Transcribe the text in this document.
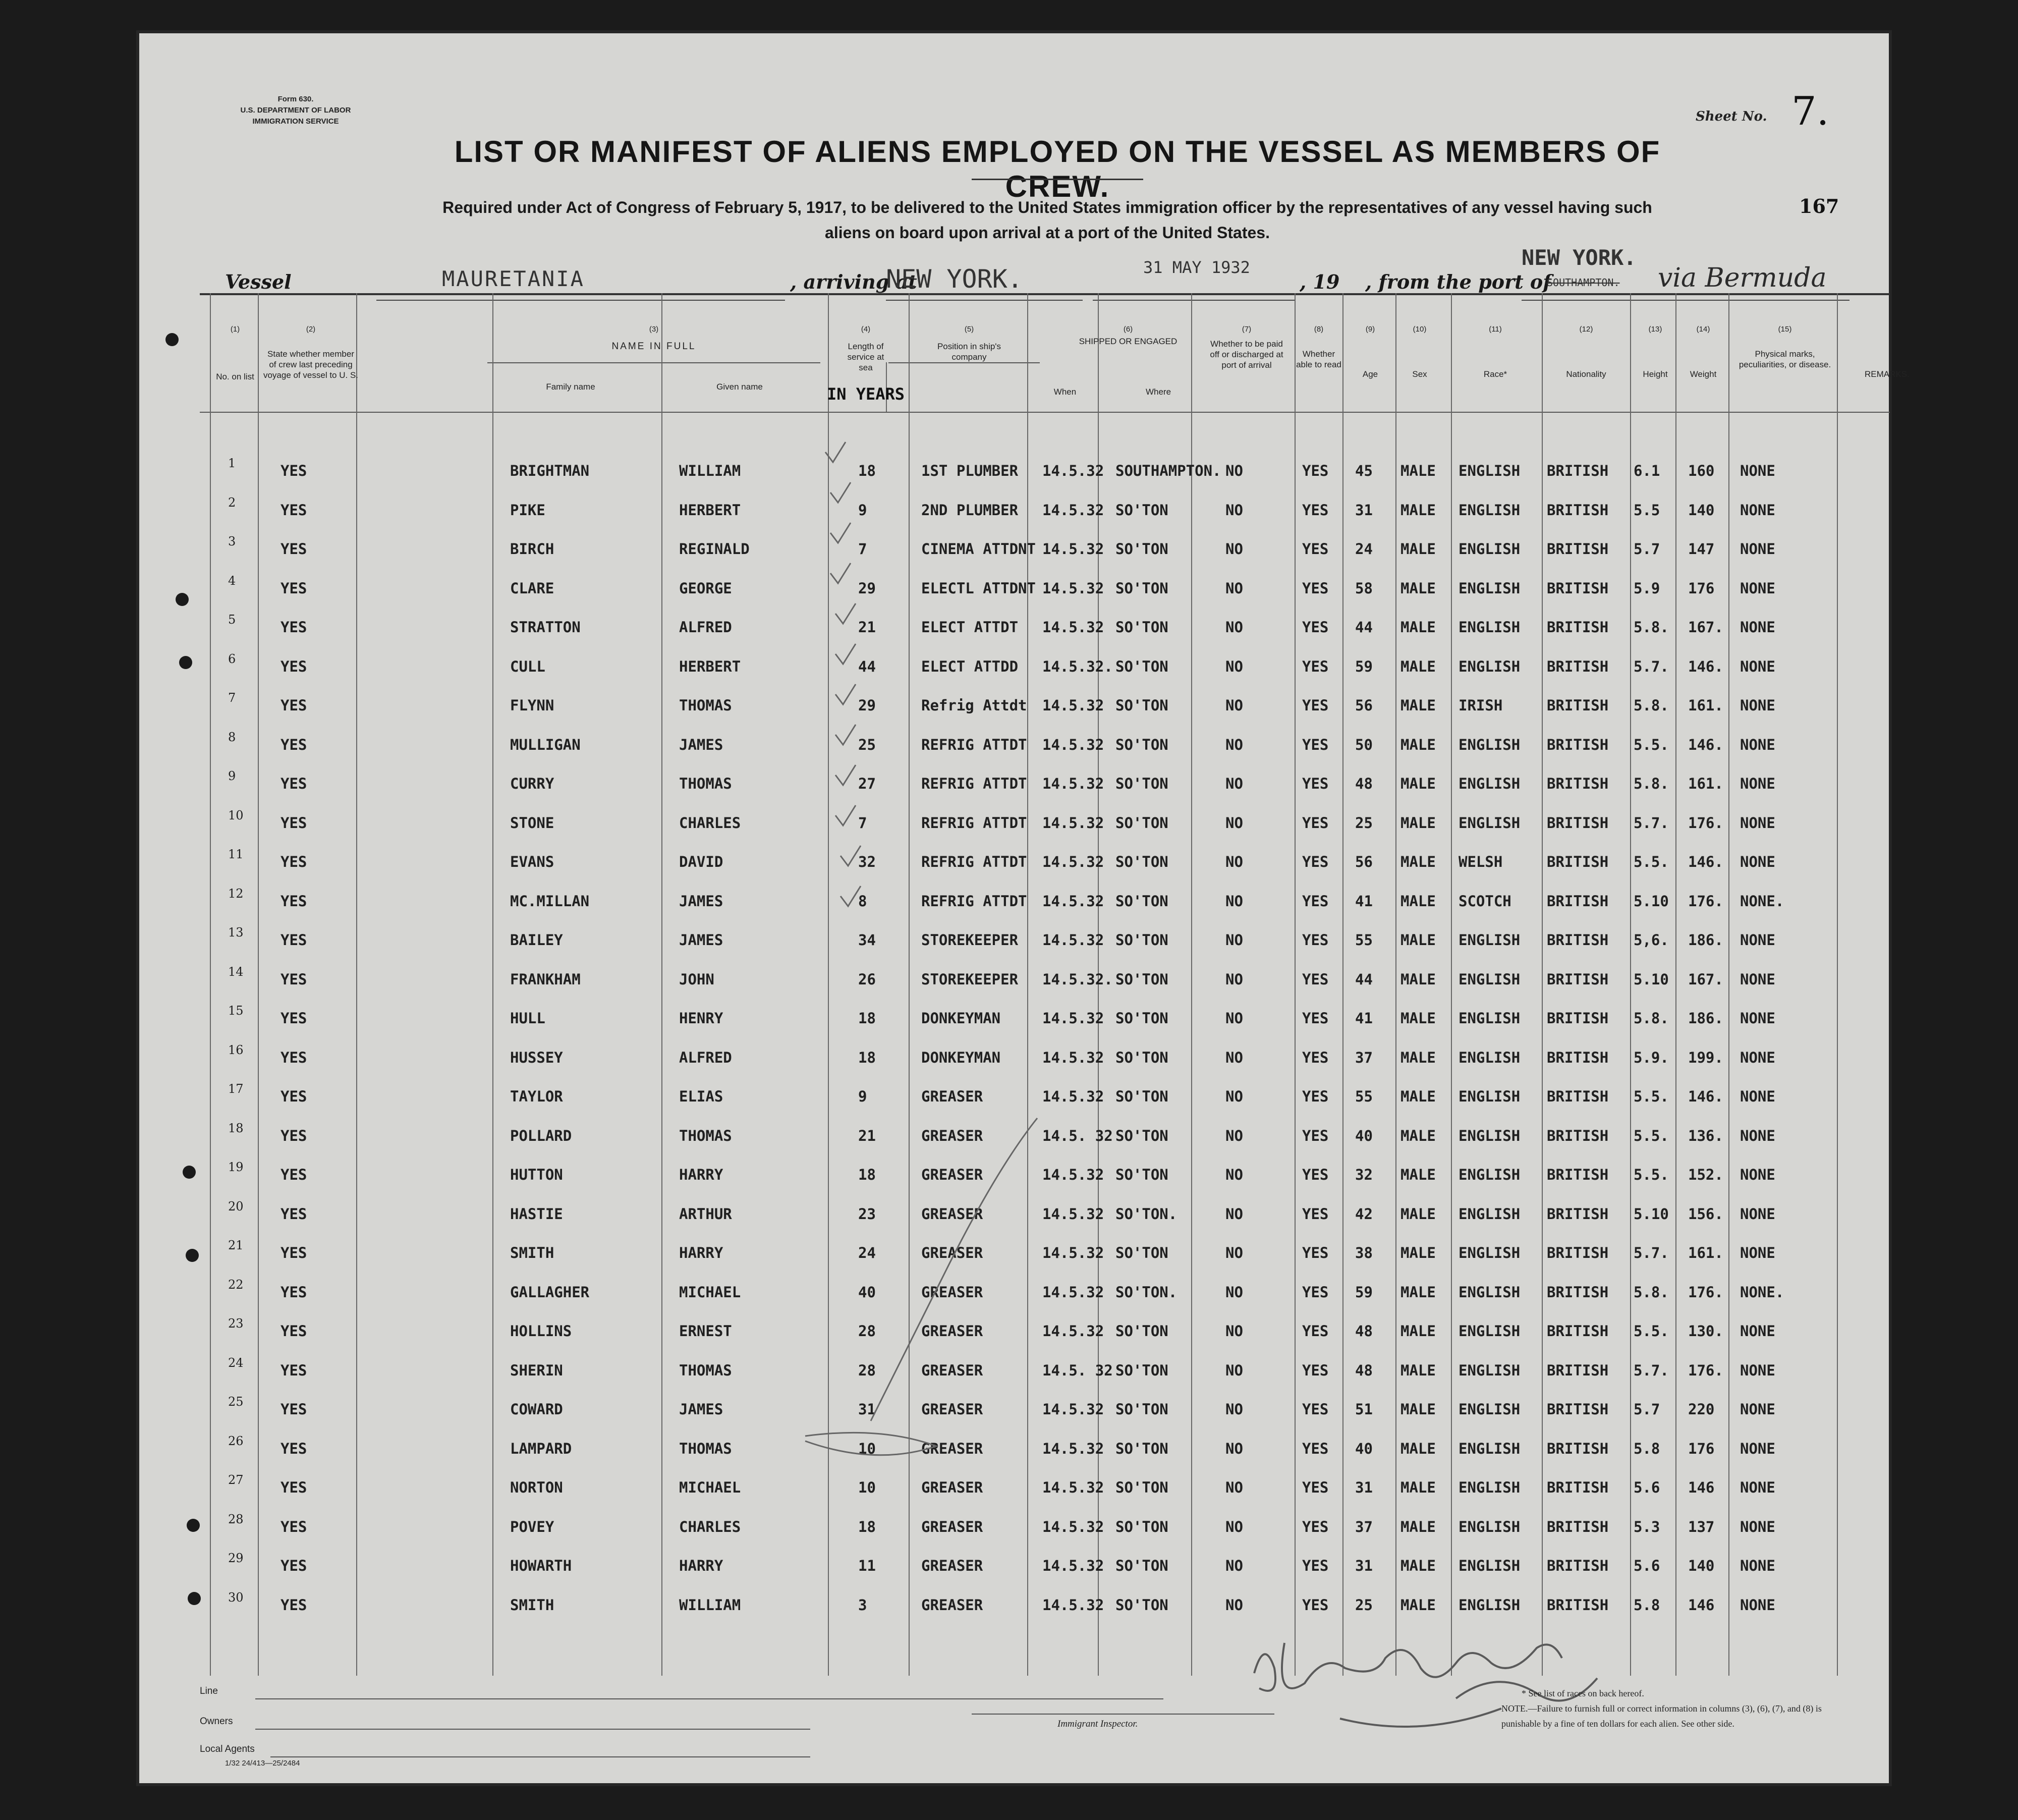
Form 630.
U.S. DEPARTMENT OF LABOR
IMMIGRATION SERVICE	Sheet No. 7.
167
LIST OR MANIFEST OF ALIENS EMPLOYED ON THE VESSEL AS MEMBERS OF CREW.
Required under Act of Congress of February 5, 1917, to be delivered to the United States immigration officer by the representatives of any vessel having such
aliens on board upon arrival at a port of the United States.
Vessel	MAURETANIA	, arriving at
NEW YORK.	31 MAY 1932
, 19 , from the port of
NEW YORK.
SOUTHAMPTON. via Bermuda
(1)	(2)	(3)	(4)	(5)	(6)	(7)	(8)	(9)	(10)	(11)	(12)	(13)	(14)	(15)
No. on list
State whether member of crew last preceding voyage of vessel to U. S.
NAME IN FULL
Family name	Given name
Length of service at sea
IN YEARS
Position in ship's company
SHIPPED OR ENGAGED
When	Where
Whether to be paid off or discharged at port of arrival
Whether able to read
Age	Sex	Race*	Nationality	Height	Weight
Physical marks, peculiarities, or disease.
REMARKS.
1	YES	BRIGHTMAN	WILLIAM	18	1ST PLUMBER 14.5.32 SOUTHAMPTON. NO	YES 45 MALE ENGLISH BRITISH 6.1 160 NONE
2	YES	PIKE	HERBERT	9	2ND PLUMBER 14.5.32 SO'TON	NO	YES 31 MALE ENGLISH BRITISH 5.5 140 NONE
3	YES	BIRCH	REGINALD	7	CINEMA ATTDNT 14.5.32 SO'TON	NO	YES 24 MALE ENGLISH BRITISH 5.7 147 NONE
4	YES	CLARE	GEORGE	29	ELECTL ATTDNT 14.5.32 SO'TON	NO	YES 58 MALE ENGLISH BRITISH 5.9 176 NONE
5	YES	STRATTON	ALFRED	21	ELECT ATTDT 14.5.32 SO'TON	NO	YES 44 MALE ENGLISH BRITISH 5.8. 167. NONE
6	YES	CULL	HERBERT	44	ELECT ATTDD 14.5.32. SO'TON	NO	YES 59 MALE ENGLISH BRITISH 5.7. 146. NONE
7	YES	FLYNN	THOMAS	29	Refrig Attdt 14.5.32 SO'TON	NO	YES 56 MALE IRISH	BRITISH 5.8. 161. NONE
8	YES	MULLIGAN	JAMES	25	REFRIG ATTDT 14.5.32 SO'TON	NO	YES 50 MALE ENGLISH BRITISH 5.5. 146. NONE
9	YES	CURRY	THOMAS	27	REFRIG ATTDT 14.5.32 SO'TON	NO	YES 48 MALE ENGLISH BRITISH 5.8. 161. NONE
10	YES	STONE	CHARLES	7	REFRIG ATTDT 14.5.32 SO'TON	NO	YES 25 MALE ENGLISH BRITISH 5.7. 176. NONE
11	YES	EVANS	DAVID	32	REFRIG ATTDT 14.5.32 SO'TON	NO	YES 56 MALE WELSH	BRITISH 5.5. 146. NONE
12	YES	MC.MILLAN	JAMES	8	REFRIG ATTDT 14.5.32 SO'TON	NO	YES 41 MALE SCOTCH BRITISH 5.10 176. NONE.
13	YES	BAILEY	JAMES	34	STOREKEEPER 14.5.32 SO'TON	NO	YES 55 MALE ENGLISH BRITISH 5,6. 186. NONE
14	YES	FRANKHAM	JOHN	26	STOREKEEPER 14.5.32. SO'TON	NO	YES 44 MALE ENGLISH BRITISH 5.10 167. NONE
15	YES	HULL	HENRY	18	DONKEYMAN	14.5.32 SO'TON	NO	YES 41 MALE ENGLISH BRITISH 5.8. 186. NONE
16	YES	HUSSEY	ALFRED	18	DONKEYMAN	14.5.32 SO'TON	NO	YES 37 MALE ENGLISH BRITISH 5.9. 199. NONE
17	YES	TAYLOR	ELIAS	9	GREASER	14.5.32 SO'TON	NO	YES 55 MALE ENGLISH BRITISH 5.5. 146. NONE
18	YES	POLLARD	THOMAS	21	GREASER	14.5. 32 SO'TON	NO	YES 40 MALE ENGLISH BRITISH 5.5. 136. NONE
19	YES	HUTTON	HARRY	18	GREASER	14.5.32 SO'TON	NO	YES 32 MALE ENGLISH BRITISH 5.5. 152. NONE
20	YES	HASTIE	ARTHUR	23	GREASER	14.5.32 SO'TON.	NO	YES 42 MALE ENGLISH BRITISH 5.10 156. NONE
21	YES	SMITH	HARRY	24	GREASER	14.5.32 SO'TON	NO	YES 38 MALE ENGLISH BRITISH 5.7. 161. NONE
22	YES	GALLAGHER	MICHAEL	40	GREASER	14.5.32 SO'TON.	NO	YES 59 MALE ENGLISH BRITISH 5.8. 176. NONE.
23	YES	HOLLINS	ERNEST	28	GREASER	14.5.32 SO'TON	NO	YES 48 MALE ENGLISH BRITISH 5.5. 130. NONE
24	YES	SHERIN	THOMAS	28	GREASER	14.5. 32 SO'TON	NO	YES 48 MALE ENGLISH BRITISH 5.7. 176. NONE
25	YES	COWARD	JAMES	31	GREASER	14.5.32 SO'TON	NO	YES 51 MALE ENGLISH BRITISH 5.7 220 NONE
26	YES	LAMPARD	THOMAS	10	GREASER	14.5.32 SO'TON	NO	YES 40 MALE ENGLISH BRITISH 5.8 176 NONE
27	YES	NORTON	MICHAEL	10	GREASER	14.5.32 SO'TON	NO	YES 31 MALE ENGLISH BRITISH 5.6 146 NONE
28	YES	POVEY	CHARLES	18	GREASER	14.5.32 SO'TON	NO	YES 37 MALE ENGLISH BRITISH 5.3 137 NONE
29	YES	HOWARTH	HARRY	11	GREASER	14.5.32 SO'TON	NO	YES 31 MALE ENGLISH BRITISH 5.6 140 NONE
30	YES	SMITH	WILLIAM	3	GREASER	14.5.32 SO'TON	NO	YES 25 MALE ENGLISH BRITISH 5.8 146 NONE
Line
Owners	Immigrant Inspector.
Local Agents
1/32 24/413—25/2484
* See list of races on back hereof.
NOTE.—Failure to furnish full or correct information in columns (3), (6), (7), and (8) is punishable by a fine of ten dollars for each alien. See other side.
